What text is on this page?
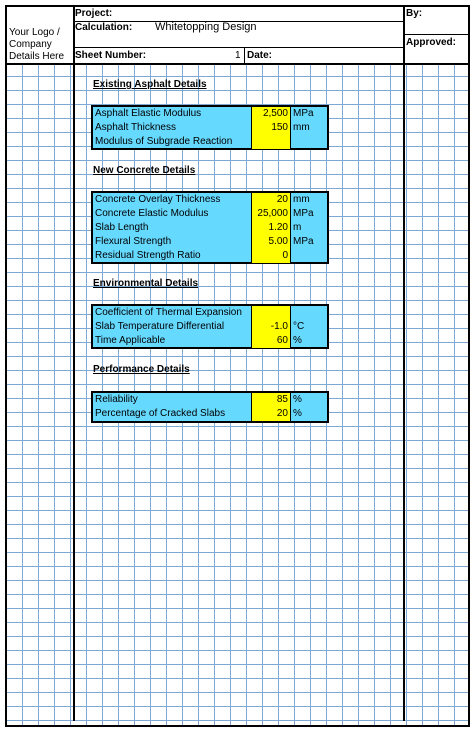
Your Logo / Company Details Here
Project:
Calculation: Whitetopping Design
Sheet Number:	1 Date:
By:
Approved:
Existing Asphalt Details
Asphalt Elastic Modulus	2,500 MPa
Asphalt Thickness	150 mm
Modulus of Subgrade Reaction
New Concrete Details
Concrete Overlay Thickness	20 mm
Concrete Elastic Modulus	25,000 MPa
Slab Length	1.20 m
Flexural Strength	5.00 MPa
Residual Strength Ratio	0
Environmental Details
Coefficient of Thermal Expansion
Slab Temperature Differential	-1.0 °C
Time Applicable	60 %
Performance Details
Reliability	85 %
Percentage of Cracked Slabs	20 %
